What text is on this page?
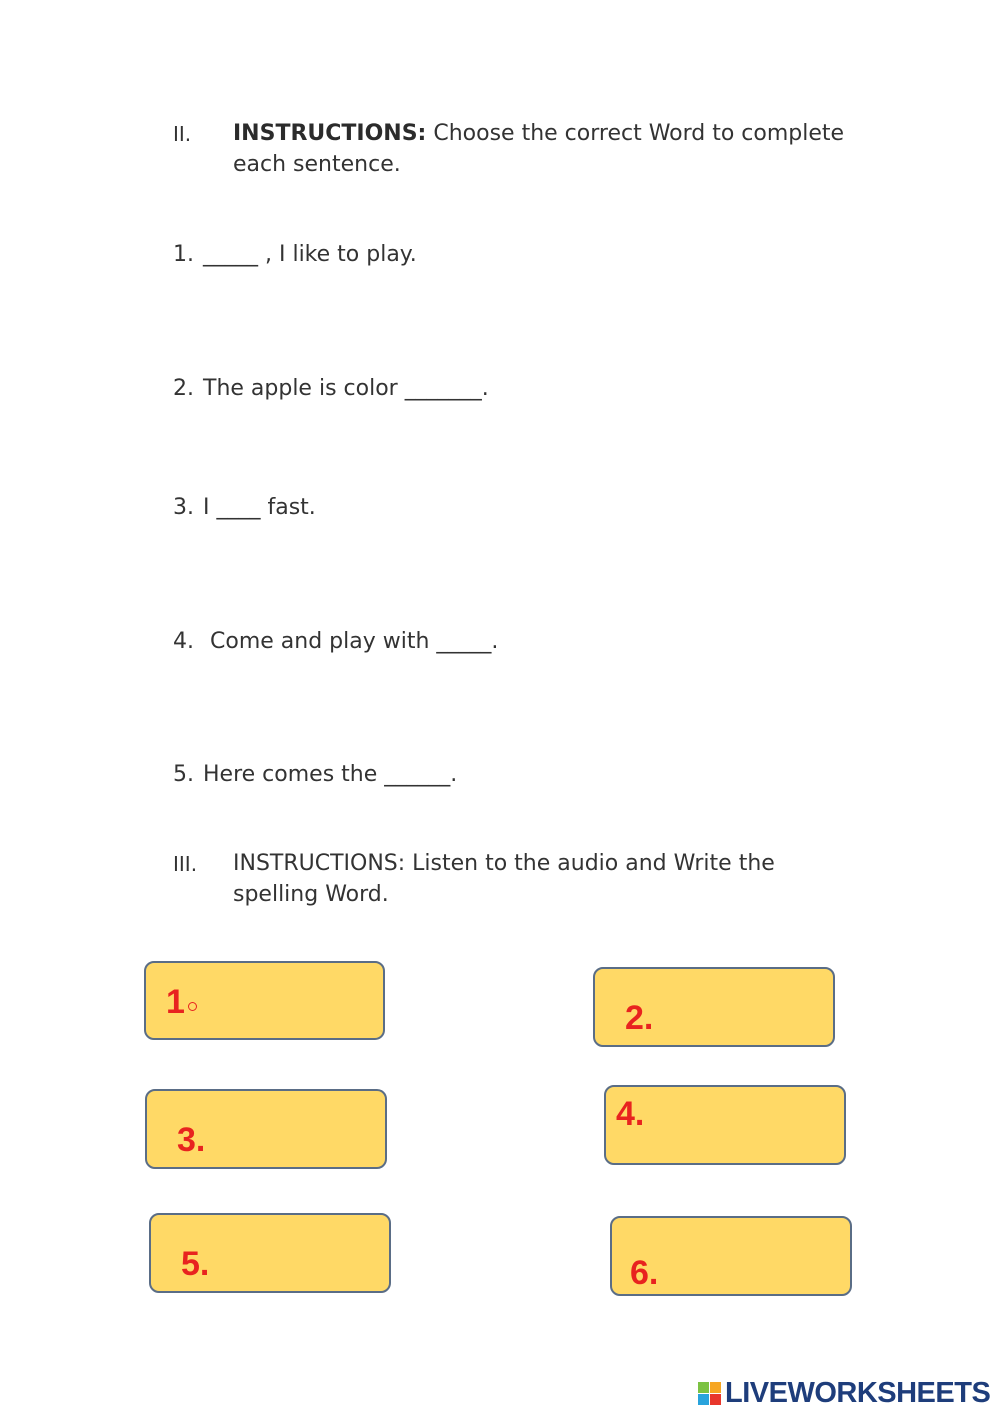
II. INSTRUCTIONS: Choose the correct Word to complete each sentence.
1. _____ , I like to play.
2. The apple is color _______.
3. I ____ fast.
4. Come and play with _____.
5. Here comes the ______.
III. INSTRUCTIONS: Listen to the audio and Write the spelling Word.
1	2.
3.
4.
5.	6.
LIVEWORKSHEETS
